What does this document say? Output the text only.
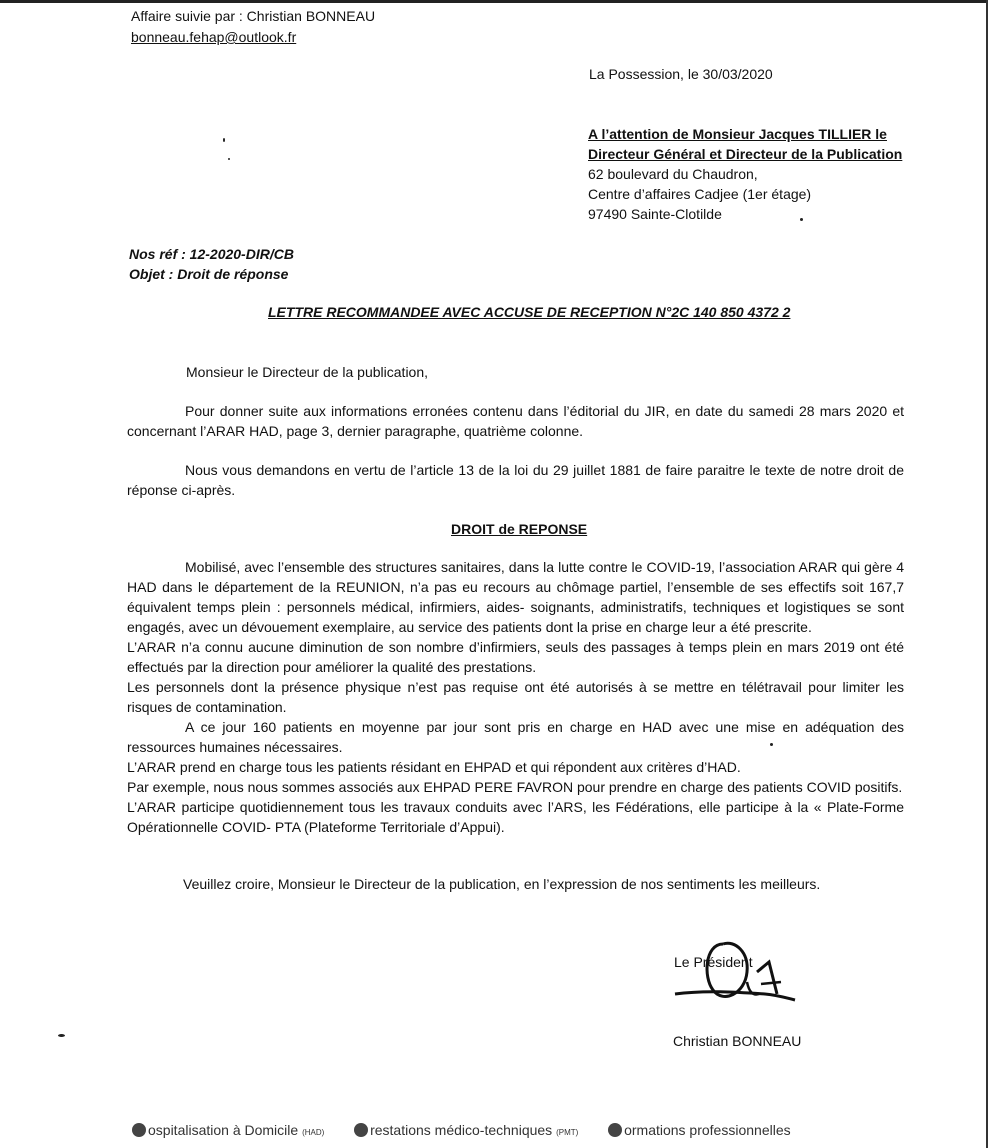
Affaire suivie par : Christian BONNEAU
bonneau.fehap@outlook.fr
La Possession, le 30/03/2020
A l’attention de Monsieur Jacques TILLIER le
Directeur Général et Directeur de la Publication
62 boulevard du Chaudron,
Centre d’affaires Cadjee (1er étage)
97490 Sainte-Clotilde
Nos réf : 12-2020-DIR/CB
Objet : Droit de réponse
LETTRE RECOMMANDEE AVEC ACCUSE DE RECEPTION N°2C 140 850 4372 2
Monsieur le Directeur de la publication,

Pour donner suite aux informations erronées contenu dans l’éditorial du JIR, en date du samedi 28 mars 2020 et concernant l’ARAR HAD, page 3, dernier paragraphe, quatrième colonne.

Nous vous demandons en vertu de l’article 13 de la loi du 29 juillet 1881 de faire paraitre le texte de notre droit de réponse ci-après.

DROIT de REPONSE

Mobilisé, avec l’ensemble des structures sanitaires, dans la lutte contre le COVID-19, l’association ARAR qui gère 4 HAD dans le département de la REUNION, n’a pas eu recours au chômage partiel, l’ensemble de ses effectifs soit 167,7 équivalent temps plein : personnels médical, infirmiers, aides- soignants, administratifs, techniques et logistiques se sont engagés, avec un dévouement exemplaire, au service des patients dont la prise en charge leur a été prescrite.

L’ARAR n’a connu aucune diminution de son nombre d’infirmiers, seuls des passages à temps plein en mars 2019 ont été effectués par la direction pour améliorer la qualité des prestations.

Les personnels dont la présence physique n’est pas requise ont été autorisés à se mettre en télétravail pour limiter les risques de contamination.

A ce jour 160 patients en moyenne par jour sont pris en charge en HAD avec une mise en adéquation des ressources humaines nécessaires.

L’ARAR prend en charge tous les patients résidant en EHPAD et qui répondent aux critères d’HAD.

Par exemple, nous nous sommes associés aux EHPAD PERE FAVRON pour prendre en charge des patients COVID positifs.

L’ARAR participe quotidiennement tous les travaux conduits avec l’ARS, les Fédérations, elle participe à la « Plate-Forme Opérationnelle COVID- PTA (Plateforme Territoriale d’Appui).

Veuillez croire, Monsieur le Directeur de la publication, en l’expression de nos sentiments les meilleurs.
Le Président
Christian BONNEAU
ospitalisation à Domicile (HAD)	restations médico-techniques (PMT)	ormations professionnelles
